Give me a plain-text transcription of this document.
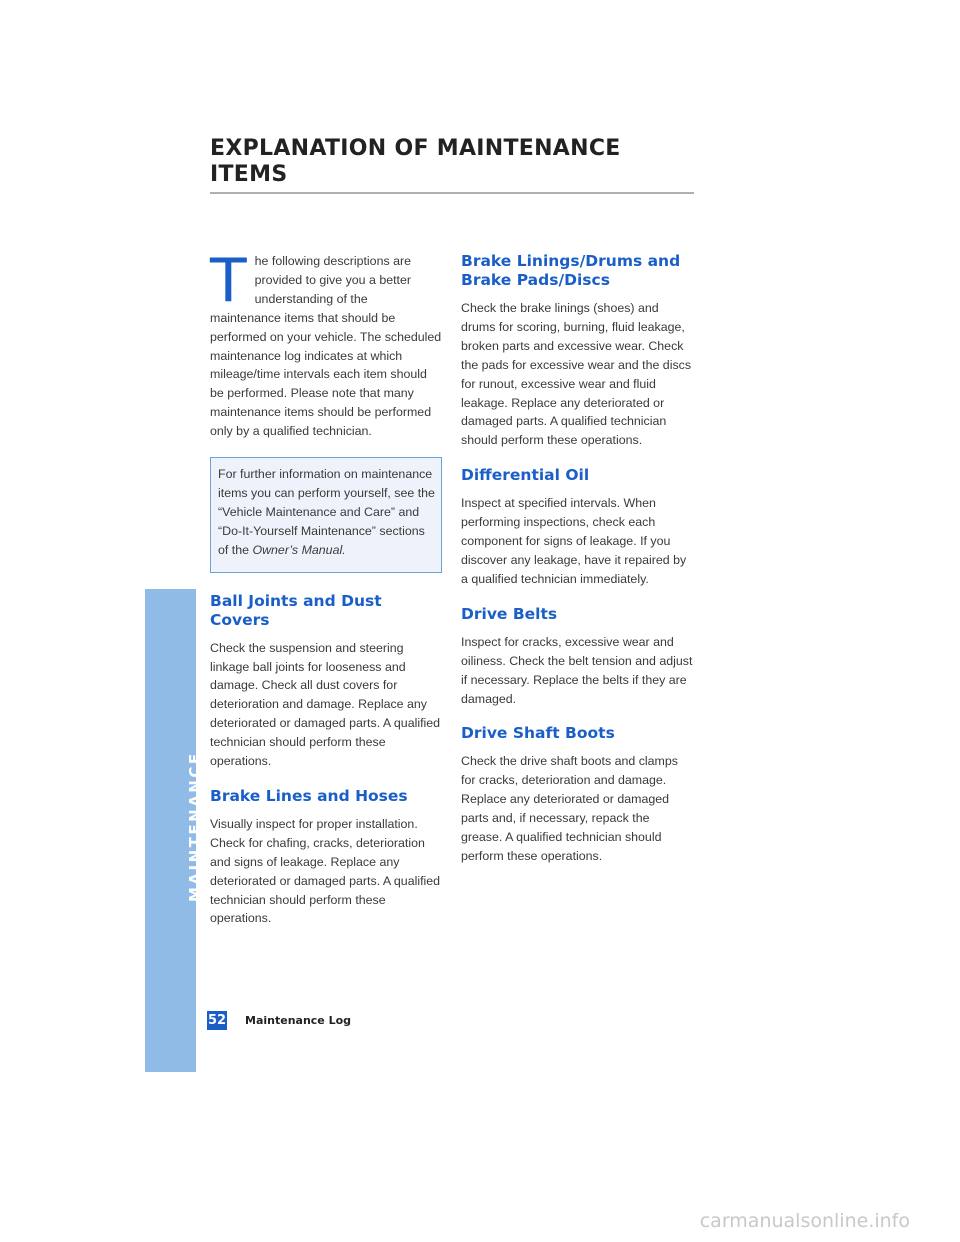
EXPLANATION OF MAINTENANCE ITEMS
MAINTENANCE
T he following descriptions are provided to give you a better understanding of the maintenance items that should be performed on your vehicle. The scheduled maintenance log indicates at which mileage/time intervals each item should be performed. Please note that many maintenance items should be performed only by a qualified technician.

For further information on maintenance items you can perform yourself, see the “Vehicle Maintenance and Care” and “Do-It-Yourself Maintenance” sections of the Owner’s Manual.

Ball Joints and Dust Covers

Check the suspension and steering linkage ball joints for looseness and damage. Check all dust covers for deterioration and damage. Replace any deteriorated or damaged parts. A qualified technician should perform these operations.

Brake Lines and Hoses

Visually inspect for proper installation. Check for chafing, cracks, deterioration and signs of leakage. Replace any deteriorated or damaged parts. A qualified technician should perform these operations.

Brake Linings/Drums and Brake Pads/Discs

Check the brake linings (shoes) and drums for scoring, burning, fluid leakage, broken parts and excessive wear. Check the pads for excessive wear and the discs for runout, excessive wear and fluid leakage. Replace any deteriorated or damaged parts. A qualified technician should perform these operations.

Differential Oil

Inspect at specified intervals. When performing inspections, check each component for signs of leakage. If you discover any leakage, have it repaired by a qualified technician immediately.

Drive Belts

Inspect for cracks, excessive wear and oiliness. Check the belt tension and adjust if necessary. Replace the belts if they are damaged.

Drive Shaft Boots

Check the drive shaft boots and clamps for cracks, deterioration and damage. Replace any deteriorated or damaged parts and, if necessary, repack the grease. A qualified technician should perform these operations.

52 Maintenance Log
carmanualsonline.info
